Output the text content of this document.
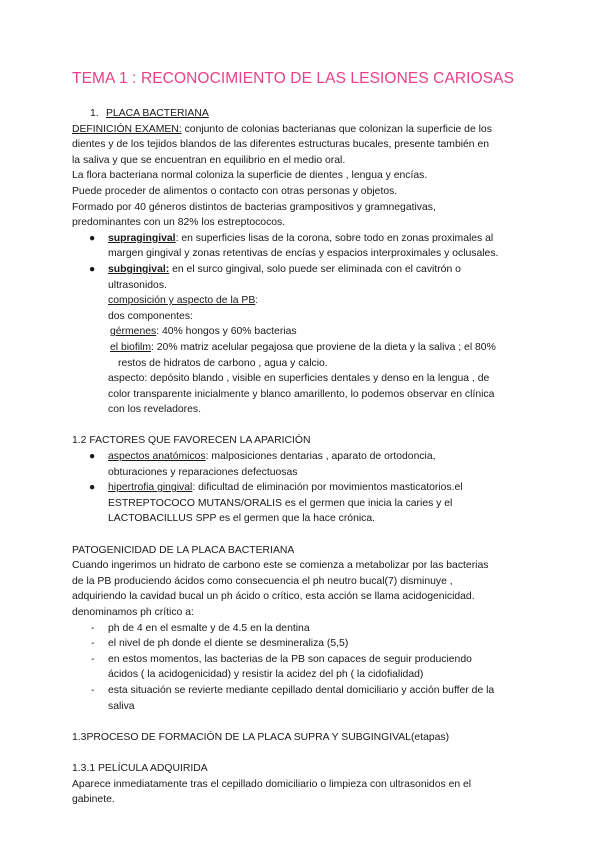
TEMA 1 : RECONOCIMIENTO DE LAS LESIONES CARIOSAS
1. PLACA BACTERIANA
DEFINICIÓN EXAMEN: conjunto de colonias bacterianas que colonizan la superficie de los
dientes y de los tejidos blandos de las diferentes estructuras bucales, presente también en
la saliva y que se encuentran en equilibrio en el medio oral.
La flora bacteriana normal coloniza la superficie de dientes , lengua y encías.
Puede proceder de alimentos o contacto con otras personas y objetos.
Formado por 40 géneros distintos de bacterias grampositivos y gramnegativas,
predominantes con un 82% los estreptococos.
● supragingival: en superficies lisas de la corona, sobre todo en zonas proximales al
margen gingival y zonas retentivas de encías y espacios interproximales y oclusales.
● subgingival: en el surco gingival, solo puede ser eliminada con el cavitrón o
ultrasonidos.
composición y aspecto de la PB:
dos componentes:
gérmenes: 40% hongos y 60% bacterias
el biofilm: 20% matriz acelular pegajosa que proviene de la dieta y la saliva ; el 80%
restos de hidratos de carbono , agua y calcio.
aspecto: depósito blando , visible en superficies dentales y denso en la lengua , de
color transparente inicialmente y blanco amarillento, lo podemos observar en clínica
con los reveladores.
1.2 FACTORES QUE FAVORECEN LA APARICIÓN
● aspectos anatómicos: malposiciones dentarias , aparato de ortodoncia,
obturaciones y reparaciones defectuosas
● hipertrofia gingival: dificultad de eliminación por movimientos masticatorios.el
ESTREPTOCOCO MUTANS/ORALIS es el germen que inicia la caries y el
LACTOBACILLUS SPP es el germen que la hace crónica.
PATOGENICIDAD DE LA PLACA BACTERIANA
Cuando ingerimos un hidrato de carbono este se comienza a metabolizar por las bacterias
de la PB produciendo ácidos como consecuencia el ph neutro bucal(7) disminuye ,
adquiriendo la cavidad bucal un ph ácido o crítico, esta acción se llama acidogenicidad.
denominamos ph crítico a:
- ph de 4 en el esmalte y de 4.5 en la dentina
- el nivel de ph donde el diente se desmineraliza (5,5)
- en estos momentos, las bacterias de la PB son capaces de seguir produciendo
ácidos ( la acidogenicidad) y resistir la acidez del ph ( la cidofialidad)
- esta situación se revierte mediante cepillado dental domiciliario y acción buffer de la
saliva
1.3PROCESO DE FORMACIÓN DE LA PLACA SUPRA Y SUBGINGIVAL(etapas)
1.3.1 PELÍCULA ADQUIRIDA
Aparece inmediatamente tras el cepillado domiciliario o limpieza con ultrasonidos en el
gabinete.
